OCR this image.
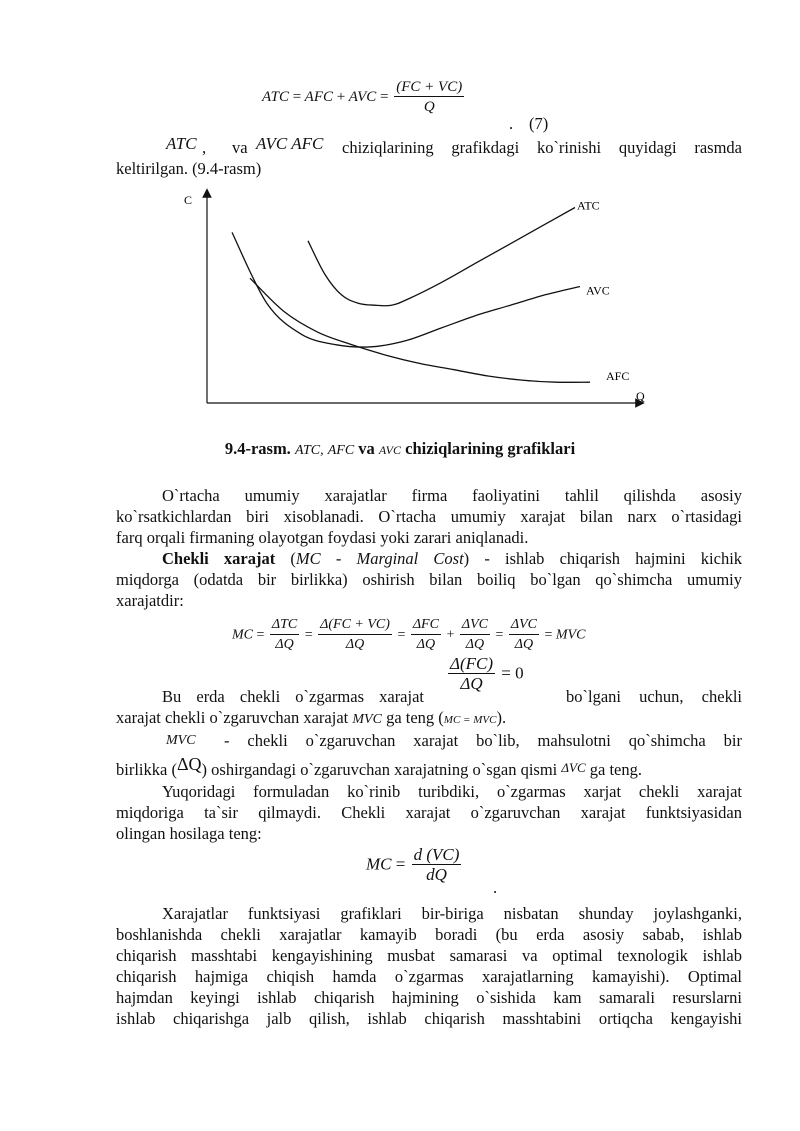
ATC = AFC + AVC = $\frac{(FC + VC)}{Q}$
. (7)
ATC , va AVC AFC chiziqlarining grafikdagi ko`rinishi quyidagi rasmda
keltirilgan. (9.4-rasm)
C
Q
ATC
AVC
AFC
9.4-rasm. ATC, AFC va AVC chiziqlarining grafiklari
O`rtacha umumiy xarajatlar firma faoliyatini tahlil qilishda asosiy
ko`rsatkichlardan biri xisoblanadi. O`rtacha umumiy xarajat bilan narx o`rtasidagi
farq orqali firmaning olayotgan foydasi yoki zarari aniqlanadi.
Chekli xarajat (MC - Marginal Cost) - ishlab chiqarish hajmini kichik
miqdorga (odatda bir birlikka) oshirish bilan boiliq bo`lgan qo`shimcha umumiy
xarajatdir:
MC = $\frac{\text{ΔTC}}{\Delta Q} = \frac{\Delta(FC + VC)}{\Delta Q} = \frac{\text{ΔFC}}{\Delta Q} + \frac{\text{ΔVC}}{\Delta Q} = \frac{\text{ΔVC}}{\Delta Q}$ = MVC
$\frac{\Delta(FC)}{\Delta Q} = 0$
Bu erda chekli o`zgarmas xarajat	bo`lgani uchun, chekli
xarajat chekli o`zgaruvchan xarajat MVC ga teng (MC = MVC).
MVC - chekli o`zgaruvchan xarajat bo`lib, mahsulotni qo`shimcha bir
birlikka (ΔQ) oshirgandagi o`zgaruvchan xarajatning o`sgan qismi ΔVC ga teng.
Yuqoridagi formuladan ko`rinib turibdiki, o`zgarmas xarjat chekli xarajat
miqdoriga ta`sir qilmaydi. Chekli xarajat o`zgaruvchan xarajat funktsiyasidan
olingan hosilaga teng:
MC = $\frac{d (VC)}{dQ}$
.
Xarajatlar funktsiyasi grafiklari bir-biriga nisbatan shunday joylashganki,
boshlanishda chekli xarajatlar kamayib boradi (bu erda asosiy sabab, ishlab
chiqarish masshtabi kengayishining musbat samarasi va optimal texnologik ishlab
chiqarish hajmiga chiqish hamda o`zgarmas xarajatlarning kamayishi). Optimal
hajmdan keyingi ishlab chiqarish hajmining o`sishida kam samarali resurslarni
ishlab chiqarishga jalb qilish, ishlab chiqarish masshtabini ortiqcha kengayishi
